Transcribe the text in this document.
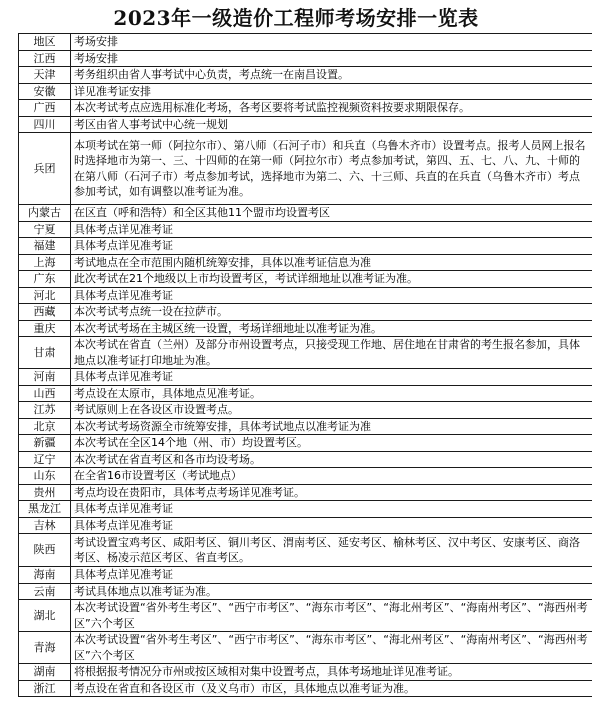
2023年一级造价工程师考场安排一览表
地区	考场安排
江西	考场安排
天津	考务组织由省人事考试中心负责，考点统一在南昌设置。
安徽	详见准考证安排
广西	本次考试考点应选用标准化考场，各考区要将考试监控视频资料按要求期限保存。
四川	考区由省人事考试中心统一规划
兵团	本项考试在第一师（阿拉尔市）、第八师（石河子市）和兵直（乌鲁木齐市）设置考点。报考人员网上报名时选择地市为第一、三、十四师的在第一师（阿拉尔市）考点参加考试，第四、五、七、八、九、十师的在第八师（石河子市）考点参加考试，选择地市为第二、六、十三师、兵直的在兵直（乌鲁木齐市）考点参加考试，如有调整以准考证为准。
内蒙古	在区直（呼和浩特）和全区其他11个盟市均设置考区
宁夏	具体考点详见准考证
福建	具体考点详见准考证
上海	考试地点在全市范围内随机统筹安排，具体以准考证信息为准
广东	此次考试在21个地级以上市均设置考区，考试详细地址以准考证为准。
河北	具体考点详见准考证
西藏	本次考试考点统一设在拉萨市。
重庆	本次考试考场在主城区统一设置，考场详细地址以准考证为准。
甘肃	本次考试在省直（兰州）及部分市州设置考点，只接受现工作地、居住地在甘肃省的考生报名参加，具体地点以准考证打印地址为准。
河南	具体考点详见准考证
山西	考点设在太原市，具体地点见准考证。
江苏	考试原则上在各设区市设置考点。
北京	本次考试考场资源全市统筹安排，具体考试地点以准考证为准
新疆	本次考试在全区14个地（州、市）均设置考区。
辽宁	本次考试在省直考区和各市均设考场。
山东	在全省16市设置考区（考试地点）
贵州	考点均设在贵阳市，具体考点考场详见准考证。
黑龙江	具体考点详见准考证
吉林	具体考点详见准考证
陕西	考试设置宝鸡考区、咸阳考区、铜川考区、渭南考区、延安考区、榆林考区、汉中考区、安康考区、商洛考区、杨凌示范区考区、省直考区。
海南	具体考点详见准考证
云南	考试具体地点以准考证为准。
湖北	本次考试设置“省外考生考区”、“西宁市考区”、“海东市考区”、“海北州考区”、“海南州考区”、“海西州考区”六个考区
青海	本次考试设置“省外考生考区”、“西宁市考区”、“海东市考区”、“海北州考区”、“海南州考区”、“海西州考区”六个考区
湖南	将根据报考情况分市州或按区域相对集中设置考点，具体考场地址详见准考证。
浙江	考点设在省直和各设区市（及义乌市）市区，具体地点以准考证为准。
